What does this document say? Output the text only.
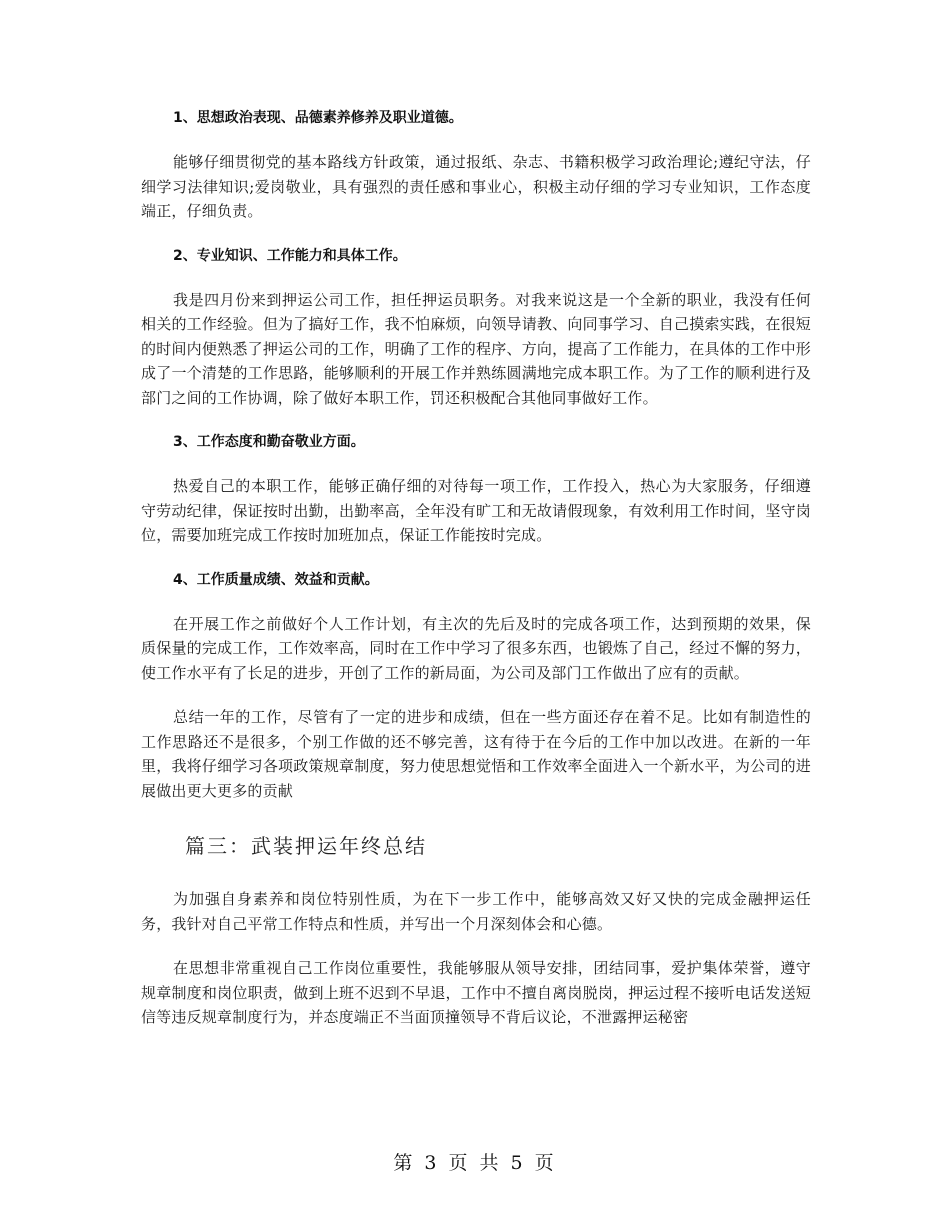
1、思想政治表现、品德素养修养及职业道德。

能够仔细贯彻党的基本路线方针政策，通过报纸、杂志、书籍积极学习政治理论;遵纪守法，仔细学习法律知识;爱岗敬业，具有强烈的责任感和事业心，积极主动仔细的学习专业知识，工作态度端正，仔细负责。

2、专业知识、工作能力和具体工作。

我是四月份来到押运公司工作，担任押运员职务。对我来说这是一个全新的职业，我没有任何相关的工作经验。但为了搞好工作，我不怕麻烦，向领导请教、向同事学习、自己摸索实践，在很短的时间内便熟悉了押运公司的工作，明确了工作的程序、方向，提高了工作能力，在具体的工作中形成了一个清楚的工作思路，能够顺利的开展工作并熟练圆满地完成本职工作。为了工作的顺利进行及部门之间的工作协调，除了做好本职工作，罚还积极配合其他同事做好工作。

3、工作态度和勤奋敬业方面。

热爱自己的本职工作，能够正确仔细的对待每一项工作，工作投入，热心为大家服务，仔细遵守劳动纪律，保证按时出勤，出勤率高，全年没有旷工和无故请假现象，有效利用工作时间，坚守岗位，需要加班完成工作按时加班加点，保证工作能按时完成。

4、工作质量成绩、效益和贡献。

在开展工作之前做好个人工作计划，有主次的先后及时的完成各项工作，达到预期的效果，保质保量的完成工作，工作效率高，同时在工作中学习了很多东西，也锻炼了自己，经过不懈的努力，使工作水平有了长足的进步，开创了工作的新局面，为公司及部门工作做出了应有的贡献。

总结一年的工作，尽管有了一定的进步和成绩，但在一些方面还存在着不足。比如有制造性的工作思路还不是很多，个别工作做的还不够完善，这有待于在今后的工作中加以改进。在新的一年里，我将仔细学习各项政策规章制度，努力使思想觉悟和工作效率全面进入一个新水平，为公司的进展做出更大更多的贡献

篇三：武装押运年终总结

为加强自身素养和岗位特别性质，为在下一步工作中，能够高效又好又快的完成金融押运任务，我针对自己平常工作特点和性质，并写出一个月深刻体会和心德。

在思想非常重视自己工作岗位重要性，我能够服从领导安排，团结同事，爱护集体荣誉，遵守规章制度和岗位职责，做到上班不迟到不早退，工作中不擅自离岗脱岗，押运过程不接听电话发送短信等违反规章制度行为，并态度端正不当面顶撞领导不背后议论，不泄露押运秘密

第 3 页 共 5 页
